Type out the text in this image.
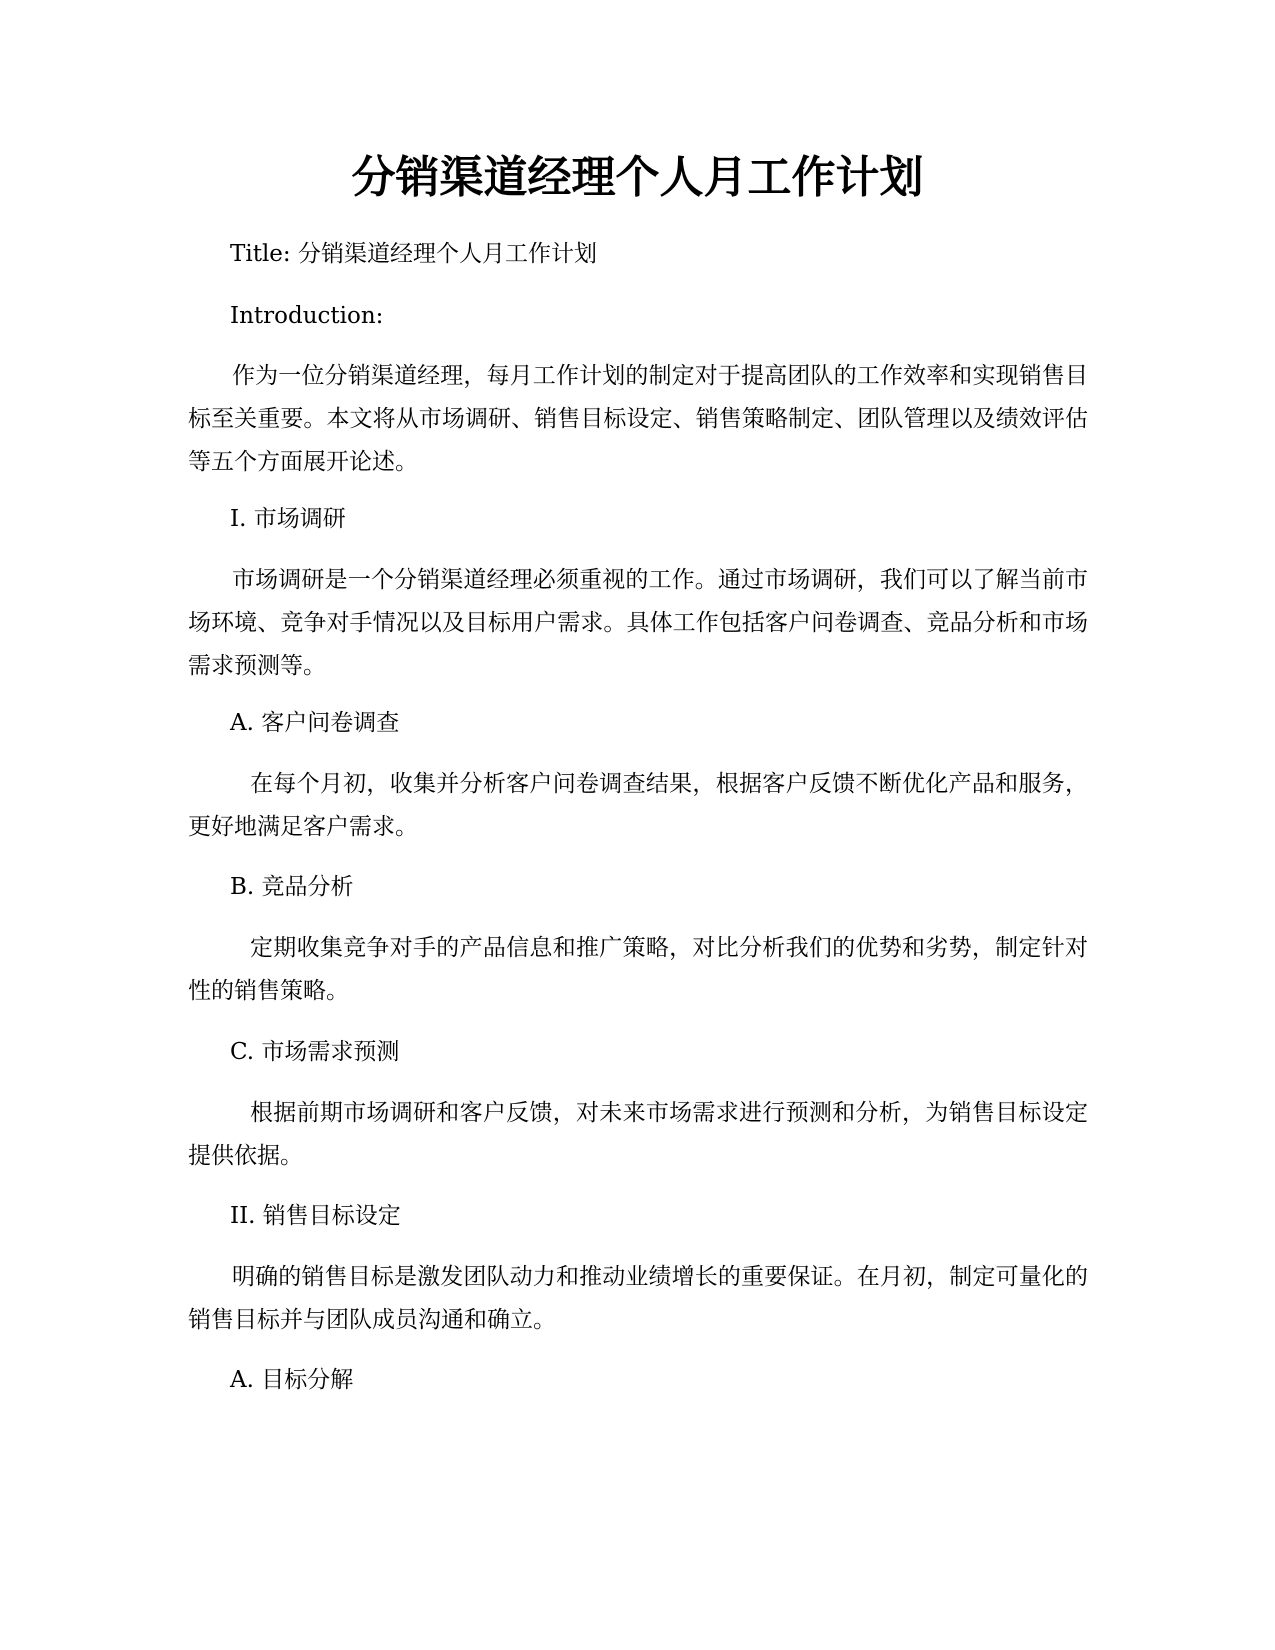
分销渠道经理个人月工作计划

Title: 分销渠道经理个人月工作计划

Introduction:

作为一位分销渠道经理，每月工作计划的制定对于提高团队的工作效率和实现销售目标至关重要。本文将从市场调研、销售目标设定、销售策略制定、团队管理以及绩效评估等五个方面展开论述。

I. 市场调研

市场调研是一个分销渠道经理必须重视的工作。通过市场调研，我们可以了解当前市场环境、竞争对手情况以及目标用户需求。具体工作包括客户问卷调查、竞品分析和市场需求预测等。

A. 客户问卷调查

在每个月初，收集并分析客户问卷调查结果，根据客户反馈不断优化产品和服务，更好地满足客户需求。

B. 竞品分析

定期收集竞争对手的产品信息和推广策略，对比分析我们的优势和劣势，制定针对性的销售策略。

C. 市场需求预测

根据前期市场调研和客户反馈，对未来市场需求进行预测和分析，为销售目标设定提供依据。

II. 销售目标设定

明确的销售目标是激发团队动力和推动业绩增长的重要保证。在月初，制定可量化的销售目标并与团队成员沟通和确立。

A. 目标分解
